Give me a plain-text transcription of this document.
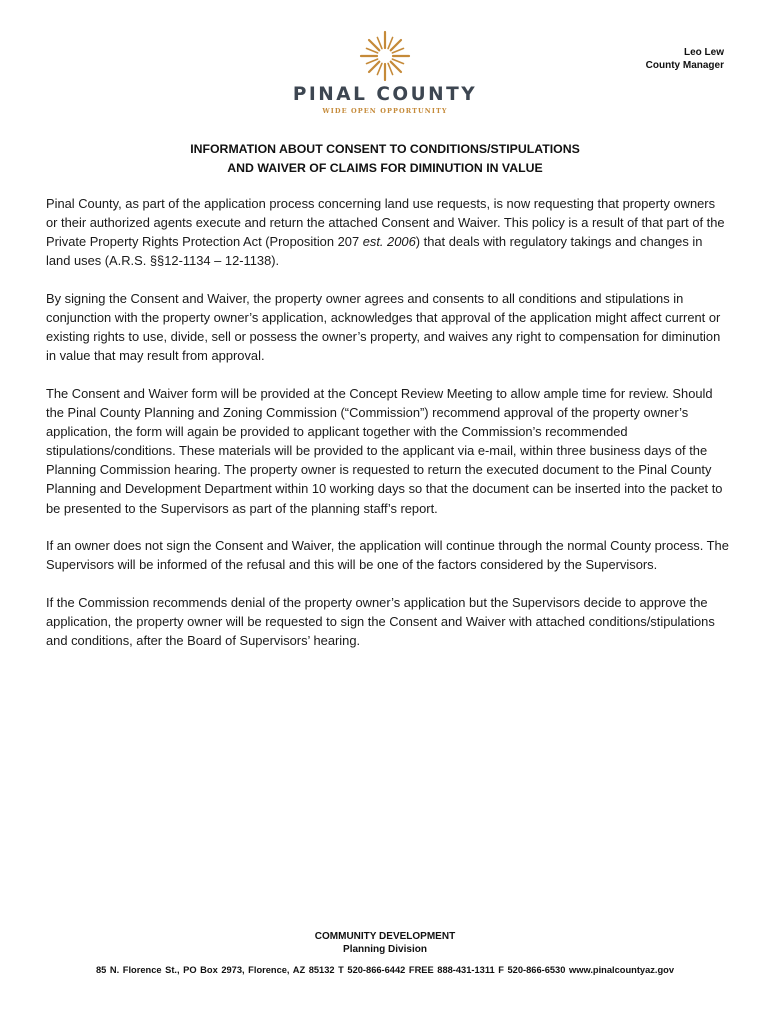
PINAL COUNTY
WIDE OPEN OPPORTUNITY
Leo Lew
County Manager
INFORMATION ABOUT CONSENT TO CONDITIONS/STIPULATIONS
AND WAIVER OF CLAIMS FOR DIMINUTION IN VALUE

Pinal County, as part of the application process concerning land use requests, is now requesting that property owners or their authorized agents execute and return the attached Consent and Waiver. This policy is a result of that part of the Private Property Rights Protection Act (Proposition 207 est. 2006) that deals with regulatory takings and changes in land uses (A.R.S. §§12-1134 – 12-1138).

By signing the Consent and Waiver, the property owner agrees and consents to all conditions and stipulations in conjunction with the property owner’s application, acknowledges that approval of the application might affect current or existing rights to use, divide, sell or possess the owner’s property, and waives any right to compensation for diminution in value that may result from approval.

The Consent and Waiver form will be provided at the Concept Review Meeting to allow ample time for review. Should the Pinal County Planning and Zoning Commission (“Commission”) recommend approval of the property owner’s application, the form will again be provided to applicant together with the Commission’s recommended stipulations/conditions. These materials will be provided to the applicant via e-mail, within three business days of the Planning Commission hearing. The property owner is requested to return the executed document to the Pinal County Planning and Development Department within 10 working days so that the document can be inserted into the packet to be presented to the Supervisors as part of the planning staff’s report.

If an owner does not sign the Consent and Waiver, the application will continue through the normal County process. The Supervisors will be informed of the refusal and this will be one of the factors considered by the Supervisors.

If the Commission recommends denial of the property owner’s application but the Supervisors decide to approve the application, the property owner will be requested to sign the Consent and Waiver with attached conditions/stipulations and conditions, after the Board of Supervisors’ hearing.

COMMUNITY DEVELOPMENT
Planning Division
85 N. Florence St., PO Box 2973, Florence, AZ 85132 T 520-866-6442 FREE 888-431-1311 F 520-866-6530 www.pinalcountyaz.gov
